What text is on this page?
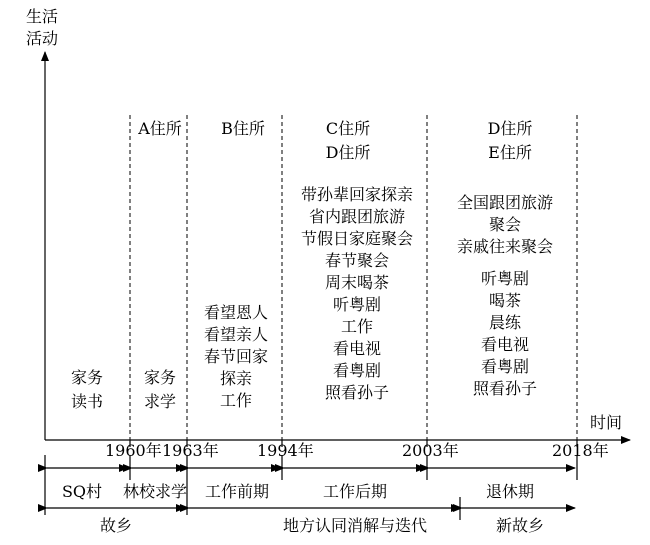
生活
活动
时间
1960年 1963年 1994年	2003年	2018年
A住所 B住所	C住所
D住所
D住所
E住所
家务
读书
家务
求学
看望恩人
看望亲人
春节回家
探亲
工作
带孙辈回家探亲
省内跟团旅游
节假日家庭聚会
春节聚会
周末喝茶
听粤剧
工作
看电视
看粤剧
照看孙子
全国跟团旅游
聚会
亲戚往来聚会
听粤剧
喝茶
晨练
看电视
看粤剧
照看孙子
SQ村 林校求学 工作前期	工作后期	退休期
故乡	地方认同消解与迭代	新故乡
